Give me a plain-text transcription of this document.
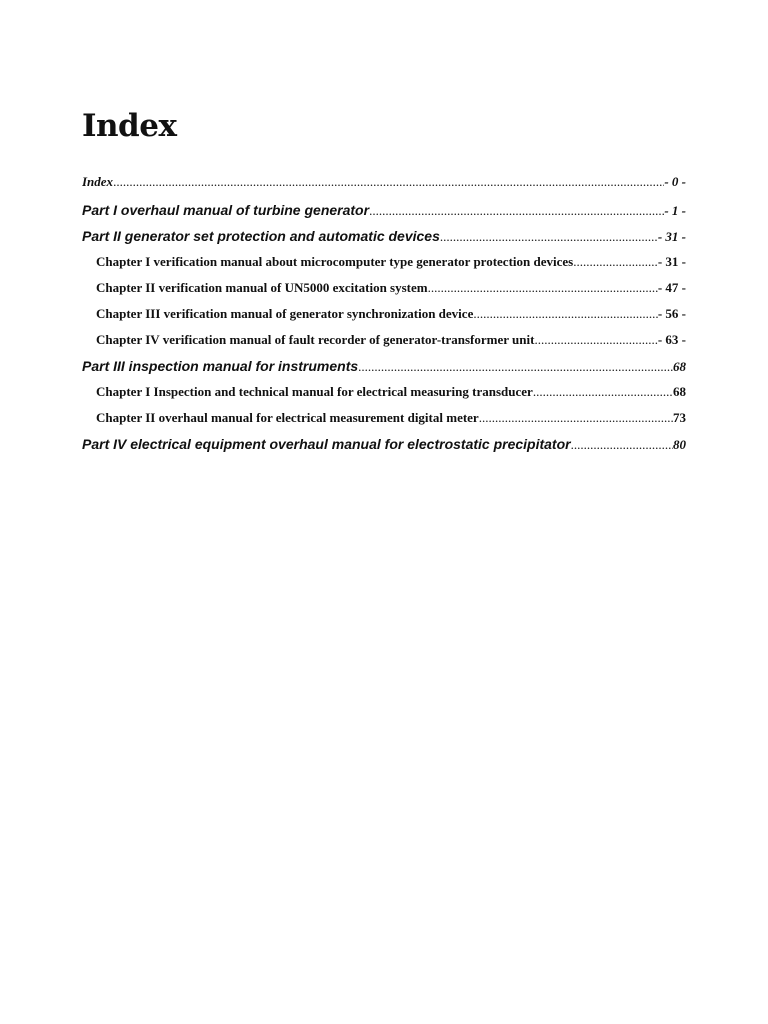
Index
Index .....	- 0 -
Part I overhaul manual of turbine generator .....	- 1 -
Part II generator set protection and automatic devices .....	- 31 -
Chapter I verification manual about microcomputer type generator protection devices .....	- 31 -
Chapter II verification manual of UN5000 excitation system .....	- 47 -
Chapter III verification manual of generator synchronization device .....	- 56 -
Chapter IV verification manual of fault recorder of generator-transformer unit .....	- 63 -
Part III inspection manual for instruments .....	68
Chapter I Inspection and technical manual for electrical measuring transducer .....	68
Chapter II overhaul manual for electrical measurement digital meter .....	73
Part IV electrical equipment overhaul manual for electrostatic precipitator .....	80
